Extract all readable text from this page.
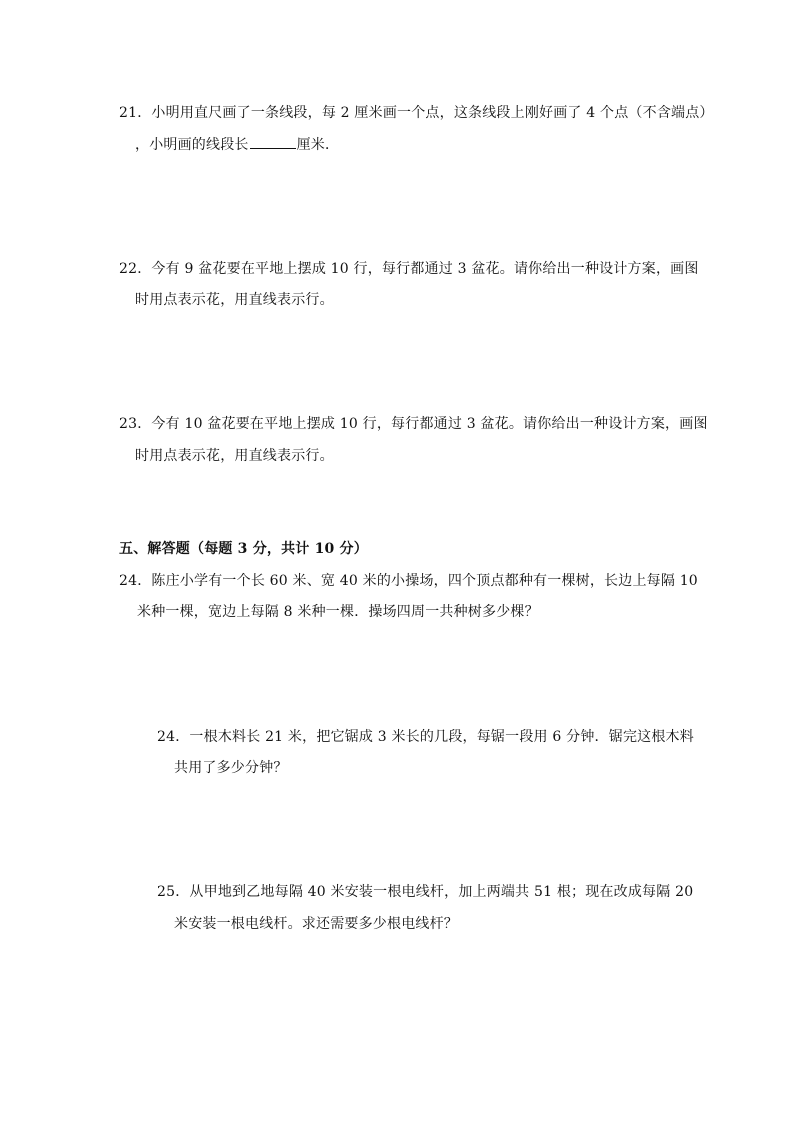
21．小明用直尺画了一条线段，每 2 厘米画一个点，这条线段上刚好画了 4 个点（不含端点）
，小明画的线段长	厘米．
22．今有 9 盆花要在平地上摆成 10 行，每行都通过 3 盆花。请你给出一种设计方案，画图
时用点表示花，用直线表示行。
23．今有 10 盆花要在平地上摆成 10 行，每行都通过 3 盆花。请你给出一种设计方案，画图
时用点表示花，用直线表示行。
五、解答题（每题 3 分，共计 10 分）
24．陈庄小学有一个长 60 米、宽 40 米的小操场，四个顶点都种有一棵树，长边上每隔 10
米种一棵，宽边上每隔 8 米种一棵．操场四周一共种树多少棵？
24．一根木料长 21 米，把它锯成 3 米长的几段，每锯一段用 6 分钟．锯完这根木料
共用了多少分钟？
25．从甲地到乙地每隔 40 米安装一根电线杆，加上两端共 51 根；现在改成每隔 20
米安装一根电线杆。求还需要多少根电线杆？
